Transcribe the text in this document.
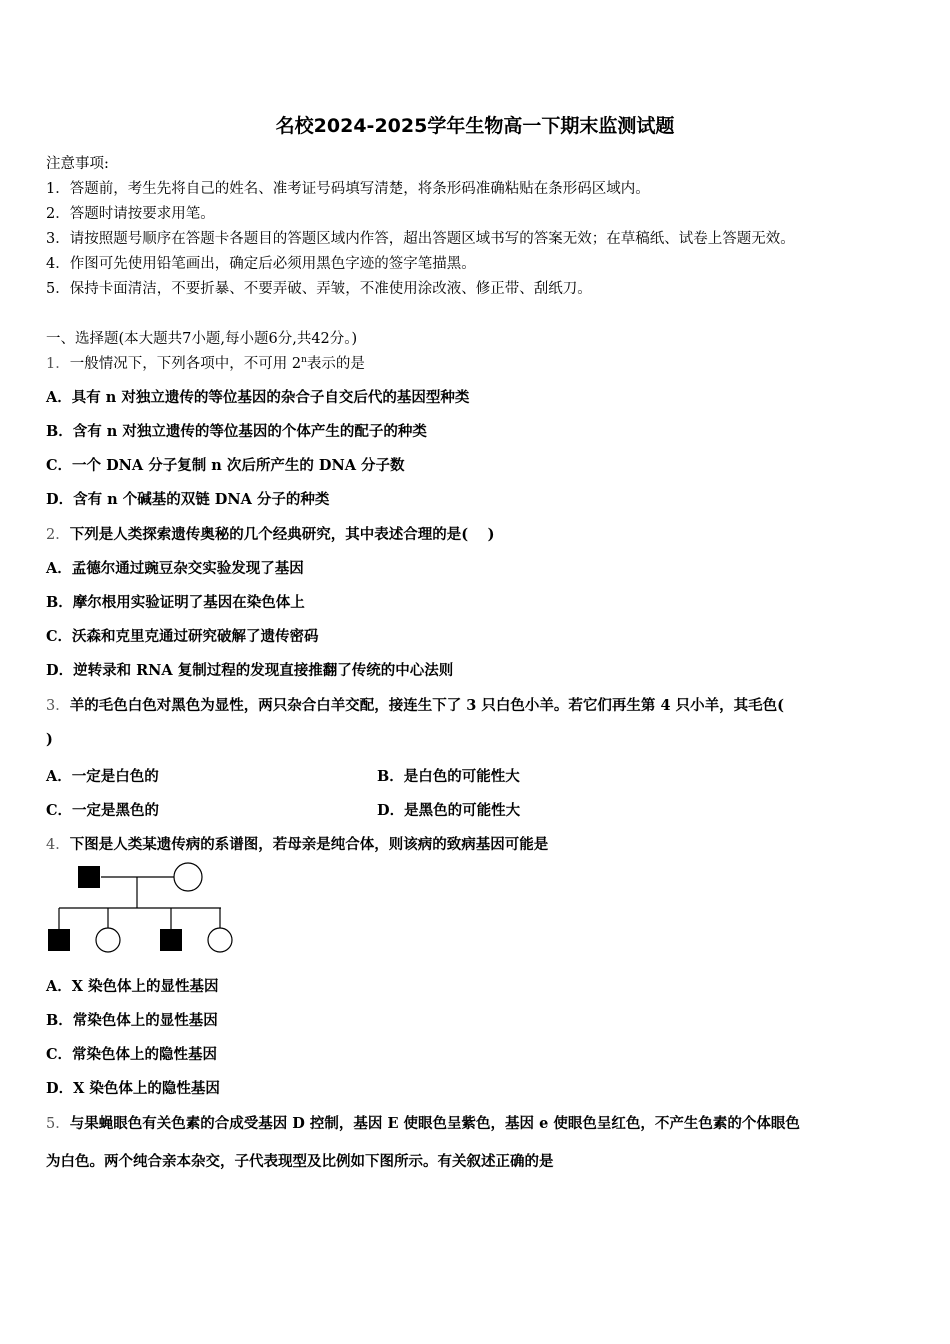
名校2024-2025学年生物高一下期末监测试题
注意事项:
1．答题前，考生先将自己的姓名、准考证号码填写清楚，将条形码准确粘贴在条形码区域内。
2．答题时请按要求用笔。
3．请按照题号顺序在答题卡各题目的答题区域内作答，超出答题区域书写的答案无效；在草稿纸、试卷上答题无效。
4．作图可先使用铅笔画出，确定后必须用黑色字迹的签字笔描黑。
5．保持卡面清洁，不要折暴、不要弄破、弄皱，不准使用涂改液、修正带、刮纸刀。
一、选择题(本大题共7小题,每小题6分,共42分。)
1．一般情况下，下列各项中，不可用 2$^n$表示的是
A．具有 n 对独立遗传的等位基因的杂合子自交后代的基因型种类
B．含有 n 对独立遗传的等位基因的个体产生的配子的种类
C．一个 DNA 分子复制 n 次后所产生的 DNA 分子数
D．含有 n 个碱基的双链 DNA 分子的种类
2．下列是人类探索遗传奥秘的几个经典研究，其中表述合理的是(　 )
A．孟德尔通过豌豆杂交实验发现了基因
B．摩尔根用实验证明了基因在染色体上
C．沃森和克里克通过研究破解了遗传密码
D．逆转录和 RNA 复制过程的发现直接推翻了传统的中心法则
3．羊的毛色白色对黑色为显性，两只杂合白羊交配，接连生下了 3 只白色小羊。若它们再生第 4 只小羊，其毛色(
)
A．一定是白色的	B．是白色的可能性大
C．一定是黑色的	D．是黑色的可能性大
4．下图是人类某遗传病的系谱图，若母亲是纯合体，则该病的致病基因可能是
A．X 染色体上的显性基因
B．常染色体上的显性基因
C．常染色体上的隐性基因
D．X 染色体上的隐性基因
5．与果蝇眼色有关色素的合成受基因 D 控制，基因 E 使眼色呈紫色，基因 e 使眼色呈红色，不产生色素的个体眼色
为白色。两个纯合亲本杂交，子代表现型及比例如下图所示。有关叙述正确的是
